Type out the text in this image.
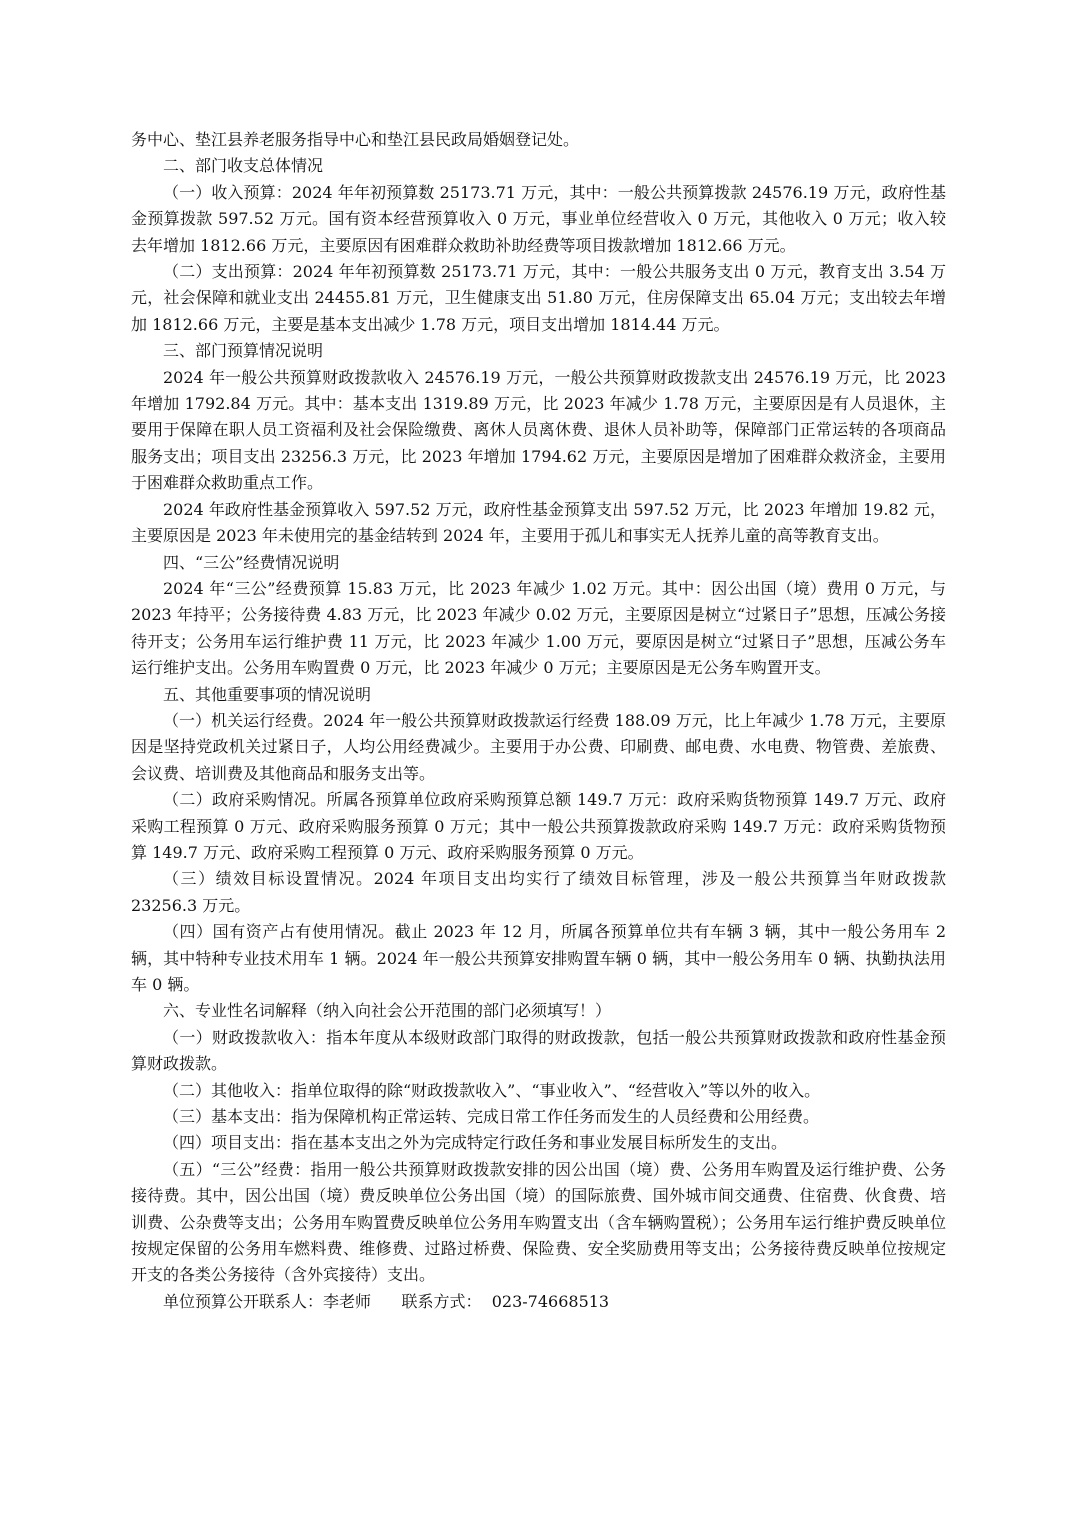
务中心、垫江县养老服务指导中心和垫江县民政局婚姻登记处。

二、部门收支总体情况

（一）收入预算：2024 年年初预算数 25173.71 万元，其中：一般公共预算拨款 24576.19 万元，政府性基金预算拨款 597.52 万元。国有资本经营预算收入 0 万元，事业单位经营收入 0 万元，其他收入 0 万元；收入较去年增加 1812.66 万元，主要原因有困难群众救助补助经费等项目拨款增加 1812.66 万元。

（二）支出预算：2024 年年初预算数 25173.71 万元，其中：一般公共服务支出 0 万元，教育支出 3.54 万元，社会保障和就业支出 24455.81 万元，卫生健康支出 51.80 万元，住房保障支出 65.04 万元；支出较去年增加 1812.66 万元，主要是基本支出减少 1.78 万元，项目支出增加 1814.44 万元。

三、部门预算情况说明

2024 年一般公共预算财政拨款收入 24576.19 万元，一般公共预算财政拨款支出 24576.19 万元，比 2023 年增加 1792.84 万元。其中：基本支出 1319.89 万元，比 2023 年减少 1.78 万元，主要原因是有人员退休，主要用于保障在职人员工资福利及社会保险缴费、离休人员离休费、退休人员补助等，保障部门正常运转的各项商品服务支出；项目支出 23256.3 万元，比 2023 年增加 1794.62 万元，主要原因是增加了困难群众救济金，主要用于困难群众救助重点工作。

2024 年政府性基金预算收入 597.52 万元，政府性基金预算支出 597.52 万元，比 2023 年增加 19.82 元，主要原因是 2023 年未使用完的基金结转到 2024 年，主要用于孤儿和事实无人抚养儿童的高等教育支出。

四、“三公”经费情况说明

2024 年“三公”经费预算 15.83 万元，比 2023 年减少 1.02 万元。其中：因公出国（境）费用 0 万元，与 2023 年持平；公务接待费 4.83 万元，比 2023 年减少 0.02 万元，主要原因是树立“过紧日子”思想，压减公务接待开支；公务用车运行维护费 11 万元，比 2023 年减少 1.00 万元，要原因是树立“过紧日子”思想，压减公务车运行维护支出。公务用车购置费 0 万元，比 2023 年减少 0 万元；主要原因是无公务车购置开支。

五、其他重要事项的情况说明

（一）机关运行经费。2024 年一般公共预算财政拨款运行经费 188.09 万元，比上年减少 1.78 万元，主要原因是坚持党政机关过紧日子，人均公用经费减少。主要用于办公费、印刷费、邮电费、水电费、物管费、差旅费、会议费、培训费及其他商品和服务支出等。

（二）政府采购情况。所属各预算单位政府采购预算总额 149.7 万元：政府采购货物预算 149.7 万元、政府采购工程预算 0 万元、政府采购服务预算 0 万元；其中一般公共预算拨款政府采购 149.7 万元：政府采购货物预算 149.7 万元、政府采购工程预算 0 万元、政府采购服务预算 0 万元。

（三）绩效目标设置情况。2024 年项目支出均实行了绩效目标管理，涉及一般公共预算当年财政拨款 23256.3 万元。

（四）国有资产占有使用情况。截止 2023 年 12 月，所属各预算单位共有车辆 3 辆，其中一般公务用车 2 辆，其中特种专业技术用车 1 辆。2024 年一般公共预算安排购置车辆 0 辆，其中一般公务用车 0 辆、执勤执法用车 0 辆。

六、专业性名词解释（纳入向社会公开范围的部门必须填写！）

（一）财政拨款收入：指本年度从本级财政部门取得的财政拨款，包括一般公共预算财政拨款和政府性基金预算财政拨款。

（二）其他收入：指单位取得的除“财政拨款收入”、“事业收入”、“经营收入”等以外的收入。

（三）基本支出：指为保障机构正常运转、完成日常工作任务而发生的人员经费和公用经费。

（四）项目支出：指在基本支出之外为完成特定行政任务和事业发展目标所发生的支出。

（五）“三公”经费：指用一般公共预算财政拨款安排的因公出国（境）费、公务用车购置及运行维护费、公务接待费。其中，因公出国（境）费反映单位公务出国（境）的国际旅费、国外城市间交通费、住宿费、伙食费、培训费、公杂费等支出；公务用车购置费反映单位公务用车购置支出（含车辆购置税）；公务用车运行维护费反映单位按规定保留的公务用车燃料费、维修费、过路过桥费、保险费、安全奖励费用等支出；公务接待费反映单位按规定开支的各类公务接待（含外宾接待）支出。

单位预算公开联系人：李老师 联系方式： 023-74668513
